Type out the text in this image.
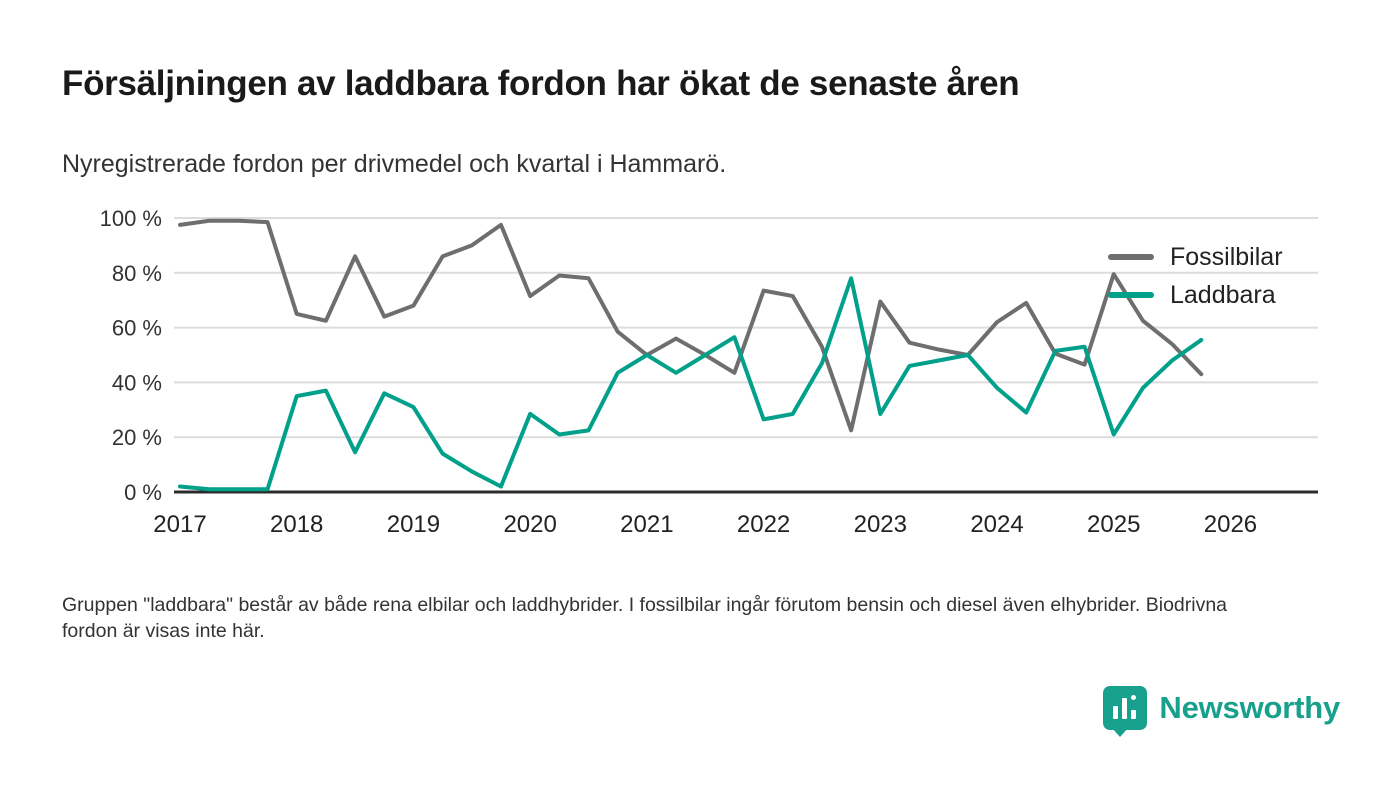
Försäljningen av laddbara fordon har ökat de senaste åren
Nyregistrerade fordon per drivmedel och kvartal i Hammarö.
0 %
20 %
40 %
60 %
80 %
100 %
2017	2018	2019	2020	2021	2022	2023	2024	2025	2026
Fossilbilar
Laddbara
Gruppen "laddbara" består av både rena elbilar och laddhybrider. I fossilbilar ingår förutom bensin och diesel även elhybrider. Biodrivna fordon är visas inte här.
Newsworthy
